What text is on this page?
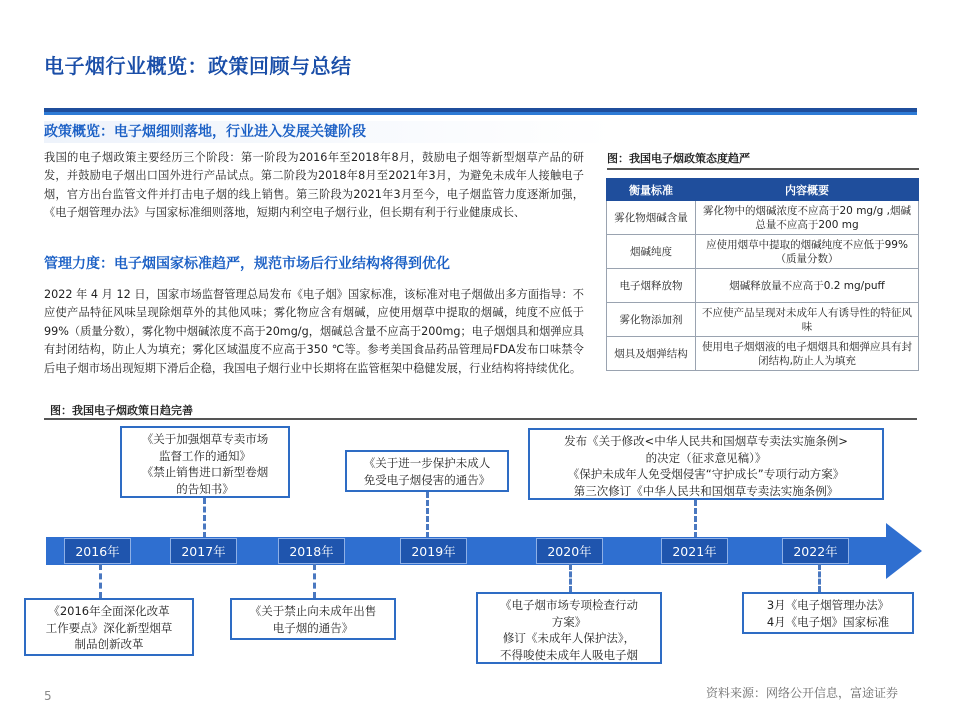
电子烟行业概览：政策回顾与总结
政策概览：电子烟细则落地，行业进入发展关键阶段
我国的电子烟政策主要经历三个阶段：第一阶段为2016年至2018年8月，鼓励电子烟等新型烟草产品的研发，并鼓励电子烟出口国外进行产品试点。第二阶段为2018年8月至2021年3月，为避免未成年人接触电子烟，官方出台监管文件并打击电子烟的线上销售。第三阶段为2021年3月至今，电子烟监管力度逐渐加强，《电子烟管理办法》与国家标准细则落地，短期内利空电子烟行业，但长期有利于行业健康成长、
管理力度：电子烟国家标准趋严，规范市场后行业结构将得到优化
2022 年 4 月 12 日，国家市场监督管理总局发布《电子烟》国家标准，该标准对电子烟做出多方面指导：不应使产品特征风味呈现除烟草外的其他风味；雾化物应含有烟碱，应使用烟草中提取的烟碱，纯度不应低于99%（质量分数），雾化物中烟碱浓度不高于20mg/g，烟碱总含量不应高于200mg；电子烟烟具和烟弹应具有封闭结构，防止人为填充；雾化区域温度不应高于350 ℃等。参考美国食品药品管理局FDA发布口味禁令后电子烟市场出现短期下滑后企稳，我国电子烟行业中长期将在监管框架中稳健发展，行业结构将持续优化。
图：我国电子烟政策态度趋严
衡量标准	内容概要
雾化物烟碱含量	雾化物中的烟碱浓度不应高于20 mg/g ,烟碱总量不应高于200 mg
烟碱纯度	应使用烟草中提取的烟碱纯度不应低于99% （质量分数）
电子烟释放物	烟碱释放量不应高于0.2 mg/puff
雾化物添加剂	不应使产品呈现对未成年人有诱导性的特征风味
烟具及烟弹结构	使用电子烟烟液的电子烟烟具和烟弹应具有封闭结构,防止人为填充
图：我国电子烟政策日趋完善
《关于加强烟草专卖市场
监督工作的通知》
《禁止销售进口新型卷烟
的告知书》
《关于进一步保护未成人
免受电子烟侵害的通告》
发布《关于修改<中华人民共和国烟草专卖法实施条例>
的决定（征求意见稿）》
《保护未成年人免受烟侵害“守护成长”专项行动方案》
第三次修订《中华人民共和国烟草专卖法实施条例》
2016年	2017年	2018年	2019年	2020年	2021年	2022年
《2016年全面深化改革
工作要点》深化新型烟草
制品创新改革
《关于禁止向未成年出售
电子烟的通告》
《电子烟市场专项检查行动
方案》
修订《未成年人保护法》，
不得唆使未成年人吸电子烟
3月《电子烟管理办法》
4月《电子烟》国家标准
5	资料来源：网络公开信息，富途证券
